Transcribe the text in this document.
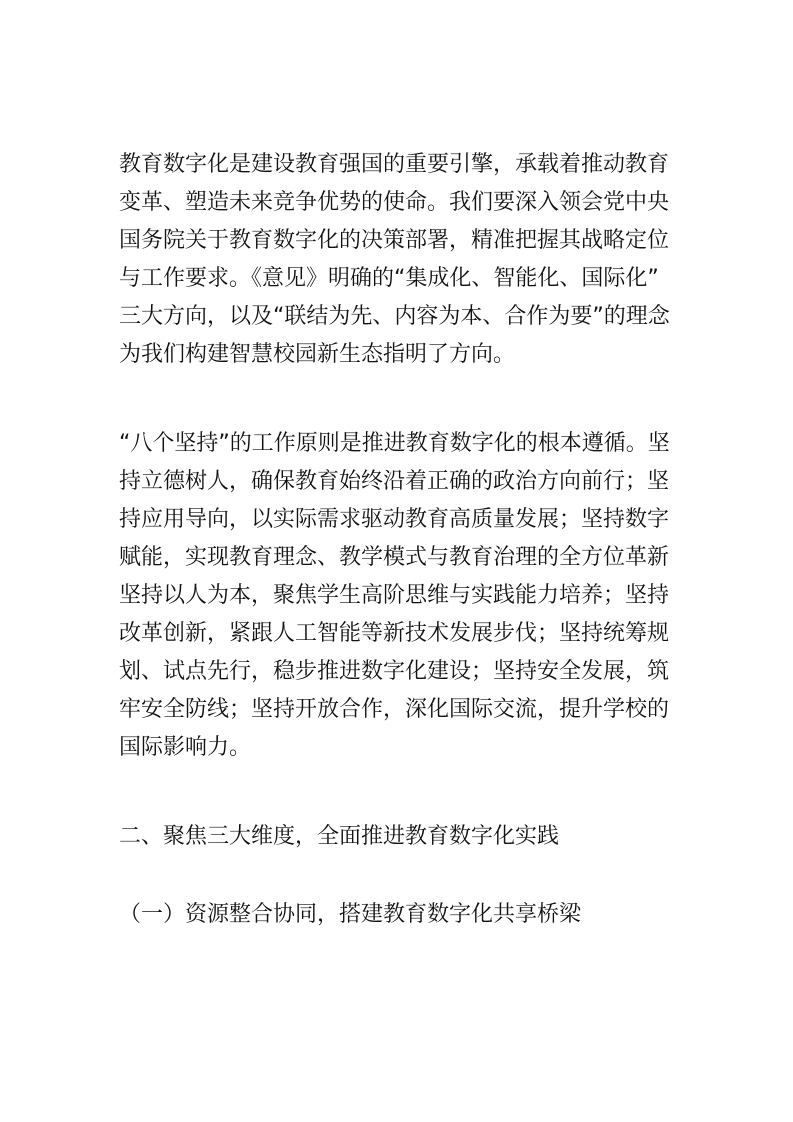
教育数字化是建设教育强国的重要引擎，承载着推动教育
变革、塑造未来竞争优势的使命。我们要深入领会党中央
国务院关于教育数字化的决策部署，精准把握其战略定位
与工作要求。《意见》明确的“集成化、智能化、国际化”
三大方向，以及“联结为先、内容为本、合作为要”的理念
为我们构建智慧校园新生态指明了方向。
“八个坚持”的工作原则是推进教育数字化的根本遵循。坚
持立德树人，确保教育始终沿着正确的政治方向前行；坚
持应用导向，以实际需求驱动教育高质量发展；坚持数字
赋能，实现教育理念、教学模式与教育治理的全方位革新
坚持以人为本，聚焦学生高阶思维与实践能力培养；坚持
改革创新，紧跟人工智能等新技术发展步伐；坚持统筹规
划、试点先行，稳步推进数字化建设；坚持安全发展，筑
牢安全防线；坚持开放合作，深化国际交流，提升学校的
国际影响力。
二、聚焦三大维度，全面推进教育数字化实践
（一）资源整合协同，搭建教育数字化共享桥梁
